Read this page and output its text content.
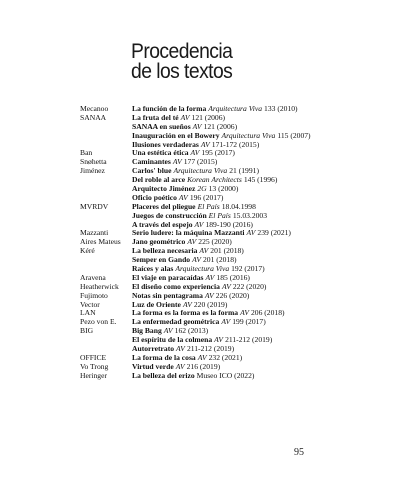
Procedencia
de los textos
Mecanoo	La función de la forma Arquitectura Viva 133 (2010)
SANAA	La fruta del té AV 121 (2006)
SANAA en sueños AV 121 (2006)
Inauguración en el Bowery Arquitectura Viva 115 (2007)
Ilusiones verdaderas AV 171-172 (2015)
Ban	Una estética ética AV 195 (2017)
Snøhetta	Caminantes AV 177 (2015)
Jiménez	Carlos' blue Arquitectura Viva 21 (1991)
Del roble al arce Korean Architects 145 (1996)
Arquitecto Jiménez 2G 13 (2000)
Oficio poético AV 196 (2017)
MVRDV	Placeres del pliegue El País 18.04.1998
Juegos de construcción El País 15.03.2003
A través del espejo AV 189-190 (2016)
Mazzanti	Serio ludere: la máquina Mazzanti AV 239 (2021)
Aires Mateus	Jano geométrico AV 225 (2020)
Kéré	La belleza necesaria AV 201 (2018)
Semper en Gando AV 201 (2018)
Raíces y alas Arquitectura Viva 192 (2017)
Aravena	El viaje en paracaídas AV 185 (2016)
Heatherwick	El diseño como experiencia AV 222 (2020)
Fujimoto	Notas sin pentagrama AV 226 (2020)
Vector	Luz de Oriente AV 220 (2019)
LAN	La forma es la forma es la forma AV 206 (2018)
Pezo von E.	La enfermedad geométrica AV 199 (2017)
BIG	Big Bang AV 162 (2013)
El espíritu de la colmena AV 211-212 (2019)
Autorretrato AV 211-212 (2019)
OFFICE	La forma de la cosa AV 232 (2021)
Vo Trong	Virtud verde AV 216 (2019)
Heringer	La belleza del erizo Museo ICO (2022)
95
